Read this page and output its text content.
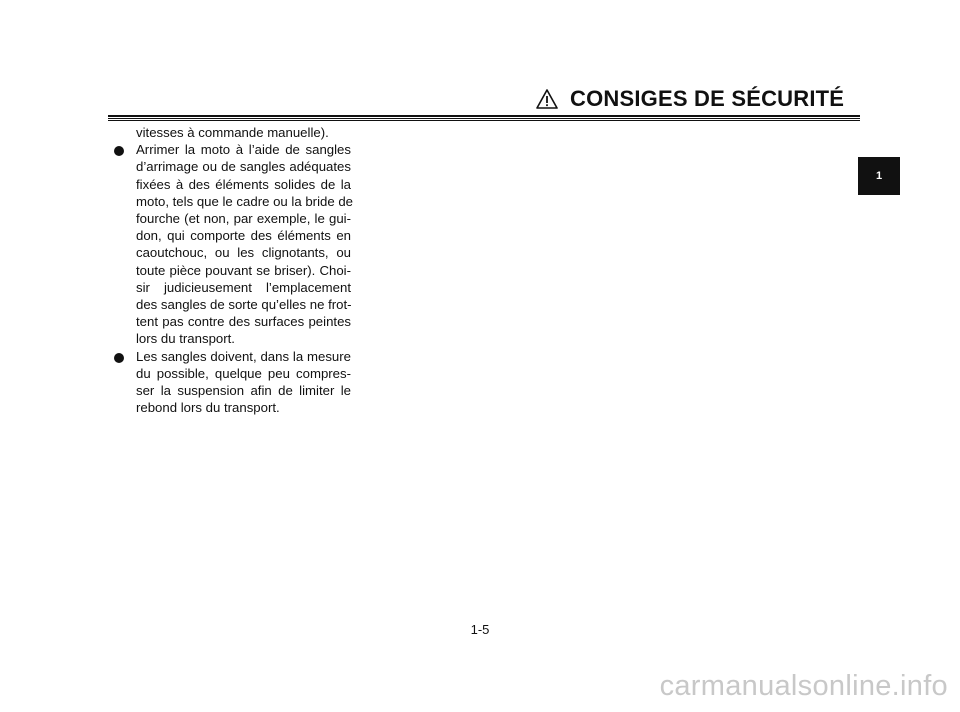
CONSIGES DE SÉCURITÉ
vitesses à commande manuelle).
Arrimer la moto à l’aide de sangles
d’arrimage ou de sangles adéquates
fixées à des éléments solides de la
moto, tels que le cadre ou la bride de
fourche (et non, par exemple, le gui-
don, qui comporte des éléments en
caoutchouc, ou les clignotants, ou
toute pièce pouvant se briser). Choi-
sir judicieusement l’emplacement
des sangles de sorte qu’elles ne frot-
tent pas contre des surfaces peintes
lors du transport.
Les sangles doivent, dans la mesure
du possible, quelque peu compres-
ser la suspension afin de limiter le
rebond lors du transport.
1
1-5
carmanualsonline.info
